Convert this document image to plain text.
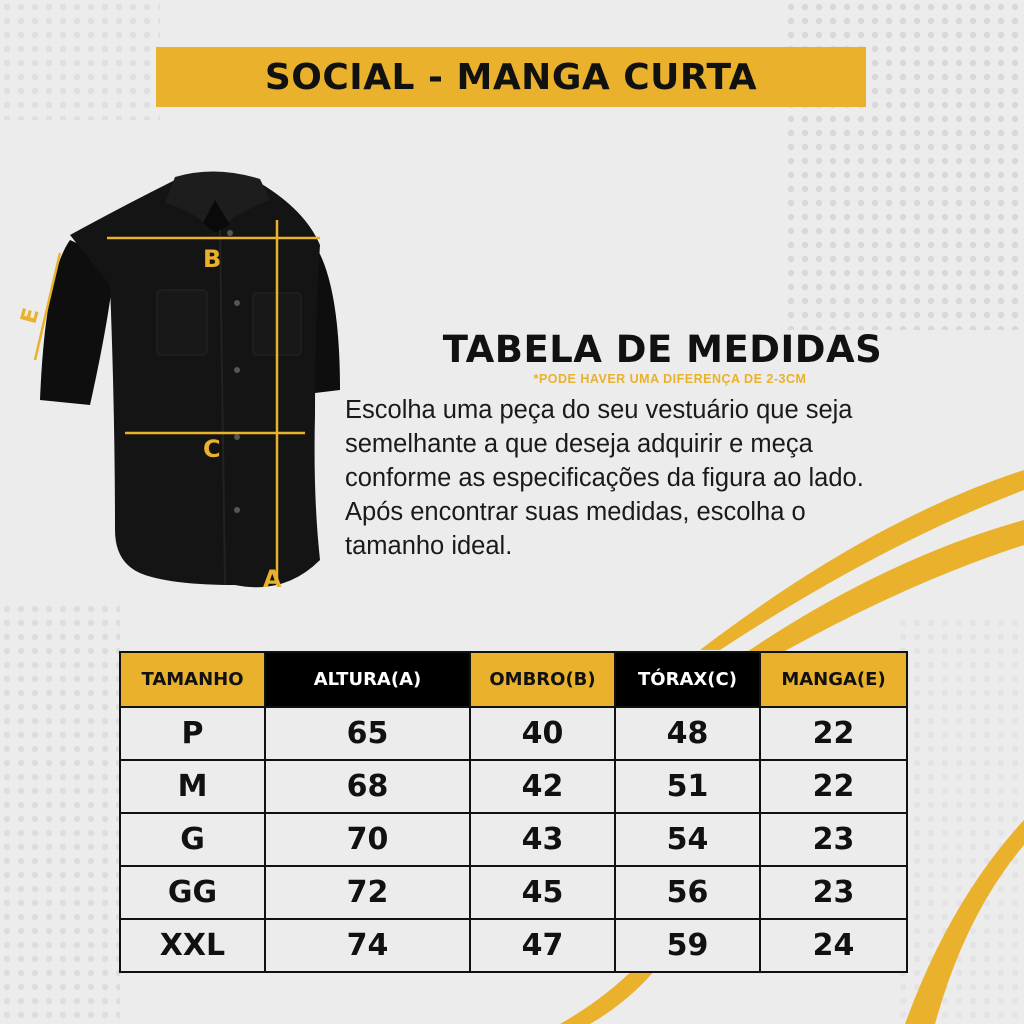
SOCIAL - MANGA CURTA
B
C
A
E
TABELA DE MEDIDAS
*PODE HAVER UMA DIFERENÇA DE 2-3CM
Escolha uma peça do seu vestuário que seja
semelhante a que deseja adquirir e meça
conforme as especificações da figura ao lado.
Após encontrar suas medidas, escolha o
tamanho ideal.
TAMANHO	ALTURA(A)	OMBRO(B)	TÓRAX(C)	MANGA(E)
P	65	40	48	22
M	68	42	51	22
G	70	43	54	23
GG	72	45	56	23
XXL	74	47	59	24
